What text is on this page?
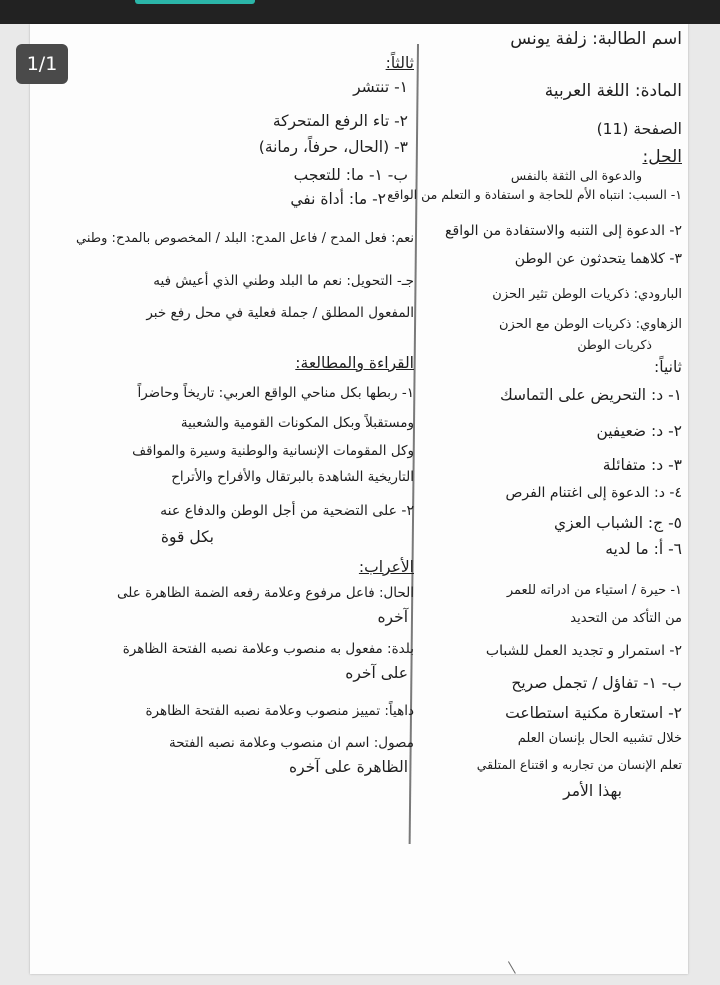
اسم الطالبة: زلفة يونس
المادة: اللغة العربية
الصفحة (11)
الحل:
والدعوة الى الثقة بالنفس
١- السبب: انتباه الأم للحاجة و استفادة و التعلم من الواقع
٢- الدعوة إلى التنبه والاستفادة من الواقع
٣- كلاهما يتحدثون عن الوطن
البارودي: ذكريات الوطن تثير الحزن
الزهاوي: ذكريات الوطن مع الحزن
ذكريات الوطن
ثانياً:
١- د: التحريض على التماسك
٢- د: ضعيفين
٣- د: متفائلة
٤- د: الدعوة إلى اغتنام الفرص
٥- ج: الشباب العزي
٦- أ: ما لديه
١- حيرة / استياء من ادراته للعمر
من التأكد من التحديد
٢- استمرار و تجديد العمل للشباب
ب- ١- تفاؤل / تجمل صريح
٢- استعارة مكنية استطاعت
خلال تشبيه الحال بإنسان العلم
تعلم الإنسان من تجاربه و اقتناع المتلقي
بهذا الأمر
ثالثاً:
١- تنتشر
٢- تاء الرفع المتحركة
٣- (الحال، حرفاً، رمانة)
ب- ١- ما: للتعجب
٢- ما: أداة نفي
نعم: فعل المدح / فاعل المدح: البلد / المخصوص بالمدح: وطني
جـ- التحويل: نعم ما البلد وطني الذي أعيش فيه
المفعول المطلق / جملة فعلية في محل رفع خبر
القراءة والمطالعة:
١- ربطها بكل مناحي الواقع العربي: تاريخاً وحاضراً
ومستقبلاً وبكل المكونات القومية والشعبية
وكل المقومات الإنسانية والوطنية وسيرة والمواقف
التاريخية الشاهدة بالبرتقال والأفراح والأتراح
٢- على التضحية من أجل الوطن والدفاع عنه
بكل قوة
الأعراب:
الحال: فاعل مرفوع وعلامة رفعه الضمة الظاهرة على
آخره
بلدة: مفعول به منصوب وعلامة نصبه الفتحة الظاهرة
على آخره
داهياً: تمييز منصوب وعلامة نصبه الفتحة الظاهرة
مصول: اسم ان منصوب وعلامة نصبه الفتحة
الظاهرة على آخره
1/1
